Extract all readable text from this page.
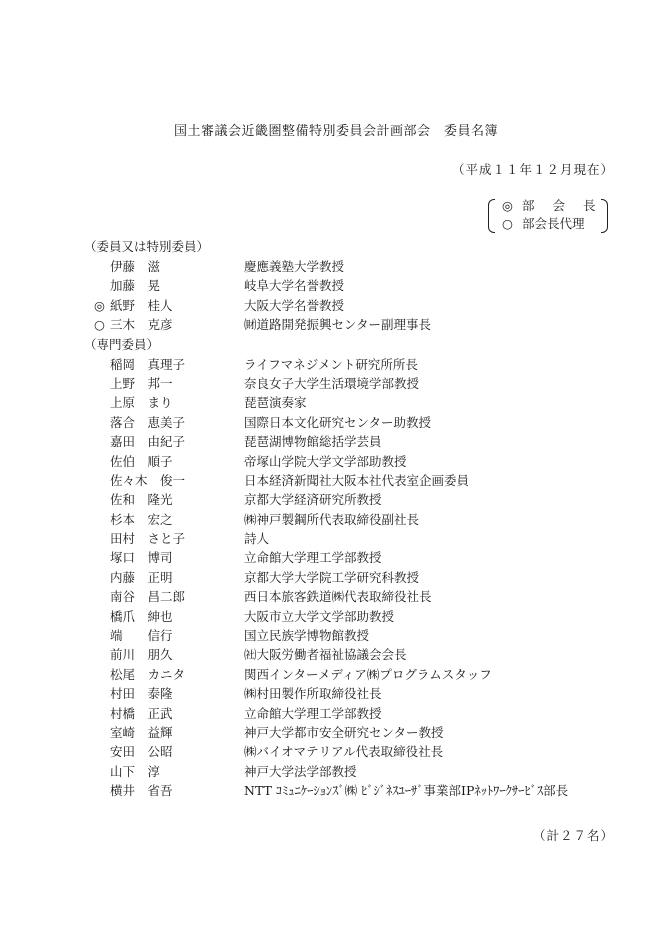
国土審議会近畿圏整備特別委員会計画部会　委員名簿
（平成１１年１２月現在）
◎ 部 会 長
○ 部会長代理
（委員又は特別委員）
伊藤　滋	慶應義塾大学教授
加藤　晃	岐阜大学名誉教授
◎ 紙野　桂人	大阪大学名誉教授
○ 三木　克彦	㈶道路開発振興センター副理事長
（専門委員）
稲岡　真理子	ライフマネジメント研究所所長
上野　邦一	奈良女子大学生活環境学部教授
上原　まり	琵琶演奏家
落合　恵美子	国際日本文化研究センター助教授
嘉田　由紀子	琵琶湖博物館総括学芸員
佐伯　順子	帝塚山学院大学文学部助教授
佐々木　俊一	日本経済新聞社大阪本社代表室企画委員
佐和　隆光	京都大学経済研究所教授
杉本　宏之	㈱神戸製鋼所代表取締役副社長
田村　さと子	詩人
塚口　博司	立命館大学理工学部教授
内藤　正明	京都大学大学院工学研究科教授
南谷　昌二郎	西日本旅客鉄道㈱代表取締役社長
橋爪　紳也	大阪市立大学文学部助教授
端　　信行	国立民族学博物館教授
前川　朋久	㈳大阪労働者福祉協議会会長
松尾　カニタ	関西インターメディア㈱プログラムスタッフ
村田　泰隆	㈱村田製作所取締役社長
村橋　正武	立命館大学理工学部教授
室崎　益輝	神戸大学都市安全研究センター教授
安田　公昭	㈱バイオマテリアル代表取締役社長
山下　淳	神戸大学法学部教授
横井　省吾	NTT ｺﾐｭﾆｹｰｼｮﾝｽﾞ㈱ ﾋﾞｼﾞﾈｽﾕｰｻﾞ事業部IPﾈｯﾄﾜｰｸｻｰﾋﾞｽ部長
（計２７名）
